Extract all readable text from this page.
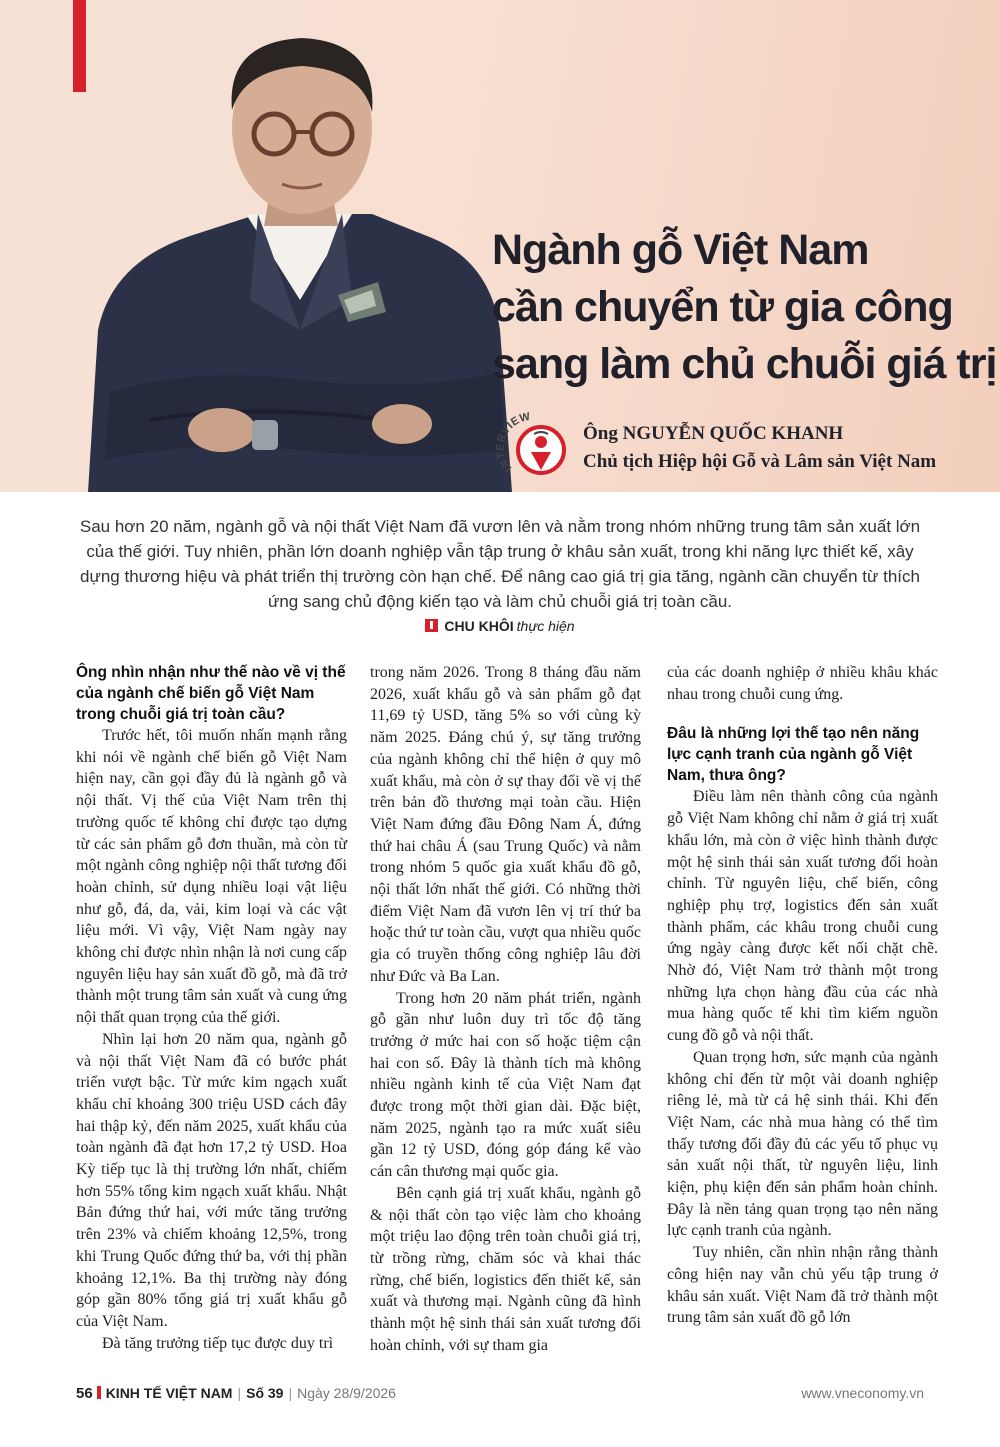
Ngành gỗ Việt Nam
cần chuyển từ gia công
sang làm chủ chuỗi giá trị
INTERVIEW
Ông NGUYỄN QUỐC KHANH
Chủ tịch Hiệp hội Gỗ và Lâm sản Việt Nam

Sau hơn 20 năm, ngành gỗ và nội thất Việt Nam đã vươn lên và nằm trong nhóm những trung tâm sản xuất lớn của thế giới. Tuy nhiên, phần lớn doanh nghiệp vẫn tập trung ở khâu sản xuất, trong khi năng lực thiết kế, xây dựng thương hiệu và phát triển thị trường còn hạn chế. Để nâng cao giá trị gia tăng, ngành cần chuyển từ thích ứng sang chủ động kiến tạo và làm chủ chuỗi giá trị toàn cầu.

CHU KHÔI thực hiện
Ông nhìn nhận như thế nào về vị thế của ngành chế biến gỗ Việt Nam trong chuỗi giá trị toàn cầu?

Trước hết, tôi muốn nhấn mạnh rằng khi nói về ngành chế biến gỗ Việt Nam hiện nay, cần gọi đầy đủ là ngành gỗ và nội thất. Vị thế của Việt Nam trên thị trường quốc tế không chỉ được tạo dựng từ các sản phẩm gỗ đơn thuần, mà còn từ một ngành công nghiệp nội thất tương đối hoàn chỉnh, sử dụng nhiều loại vật liệu như gỗ, đá, da, vải, kim loại và các vật liệu mới. Vì vậy, Việt Nam ngày nay không chỉ được nhìn nhận là nơi cung cấp nguyên liệu hay sản xuất đồ gỗ, mà đã trở thành một trung tâm sản xuất và cung ứng nội thất quan trọng của thế giới.

Nhìn lại hơn 20 năm qua, ngành gỗ và nội thất Việt Nam đã có bước phát triển vượt bậc. Từ mức kim ngạch xuất khẩu chỉ khoảng 300 triệu USD cách đây hai thập kỷ, đến năm 2025, xuất khẩu của toàn ngành đã đạt hơn 17,2 tỷ USD. Hoa Kỳ tiếp tục là thị trường lớn nhất, chiếm hơn 55% tổng kim ngạch xuất khẩu. Nhật Bản đứng thứ hai, với mức tăng trưởng trên 23% và chiếm khoảng 12,5%, trong khi Trung Quốc đứng thứ ba, với thị phần khoảng 12,1%. Ba thị trường này đóng góp gần 80% tổng giá trị xuất khẩu gỗ của Việt Nam.

Đà tăng trưởng tiếp tục được duy trì

trong năm 2026. Trong 8 tháng đầu năm 2026, xuất khẩu gỗ và sản phẩm gỗ đạt 11,69 tỷ USD, tăng 5% so với cùng kỳ năm 2025. Đáng chú ý, sự tăng trưởng của ngành không chỉ thể hiện ở quy mô xuất khẩu, mà còn ở sự thay đổi về vị thế trên bản đồ thương mại toàn cầu. Hiện Việt Nam đứng đầu Đông Nam Á, đứng thứ hai châu Á (sau Trung Quốc) và nằm trong nhóm 5 quốc gia xuất khẩu đồ gỗ, nội thất lớn nhất thế giới. Có những thời điểm Việt Nam đã vươn lên vị trí thứ ba hoặc thứ tư toàn cầu, vượt qua nhiều quốc gia có truyền thống công nghiệp lâu đời như Đức và Ba Lan.

Trong hơn 20 năm phát triển, ngành gỗ gần như luôn duy trì tốc độ tăng trưởng ở mức hai con số hoặc tiệm cận hai con số. Đây là thành tích mà không nhiều ngành kinh tế của Việt Nam đạt được trong một thời gian dài. Đặc biệt, năm 2025, ngành tạo ra mức xuất siêu gần 12 tỷ USD, đóng góp đáng kể vào cán cân thương mại quốc gia.

Bên cạnh giá trị xuất khẩu, ngành gỗ & nội thất còn tạo việc làm cho khoảng một triệu lao động trên toàn chuỗi giá trị, từ trồng rừng, chăm sóc và khai thác rừng, chế biến, logistics đến thiết kế, sản xuất và thương mại. Ngành cũng đã hình thành một hệ sinh thái sản xuất tương đối hoàn chỉnh, với sự tham gia

của các doanh nghiệp ở nhiều khâu khác nhau trong chuỗi cung ứng.

Đâu là những lợi thế tạo nên năng lực cạnh tranh của ngành gỗ Việt Nam, thưa ông?

Điều làm nên thành công của ngành gỗ Việt Nam không chỉ nằm ở giá trị xuất khẩu lớn, mà còn ở việc hình thành được một hệ sinh thái sản xuất tương đối hoàn chỉnh. Từ nguyên liệu, chế biến, công nghiệp phụ trợ, logistics đến sản xuất thành phẩm, các khâu trong chuỗi cung ứng ngày càng được kết nối chặt chẽ. Nhờ đó, Việt Nam trở thành một trong những lựa chọn hàng đầu của các nhà mua hàng quốc tế khi tìm kiếm nguồn cung đồ gỗ và nội thất.

Quan trọng hơn, sức mạnh của ngành không chỉ đến từ một vài doanh nghiệp riêng lẻ, mà từ cả hệ sinh thái. Khi đến Việt Nam, các nhà mua hàng có thể tìm thấy tương đối đầy đủ các yếu tố phục vụ sản xuất nội thất, từ nguyên liệu, linh kiện, phụ kiện đến sản phẩm hoàn chỉnh. Đây là nền tảng quan trọng tạo nên năng lực cạnh tranh của ngành.

Tuy nhiên, cần nhìn nhận rằng thành công hiện nay vẫn chủ yếu tập trung ở khâu sản xuất. Việt Nam đã trở thành một trung tâm sản xuất đồ gỗ lớn

56 KINH TẾ VIỆT NAM | Số 39 | Ngày 28/9/2026	www.vneconomy.vn
